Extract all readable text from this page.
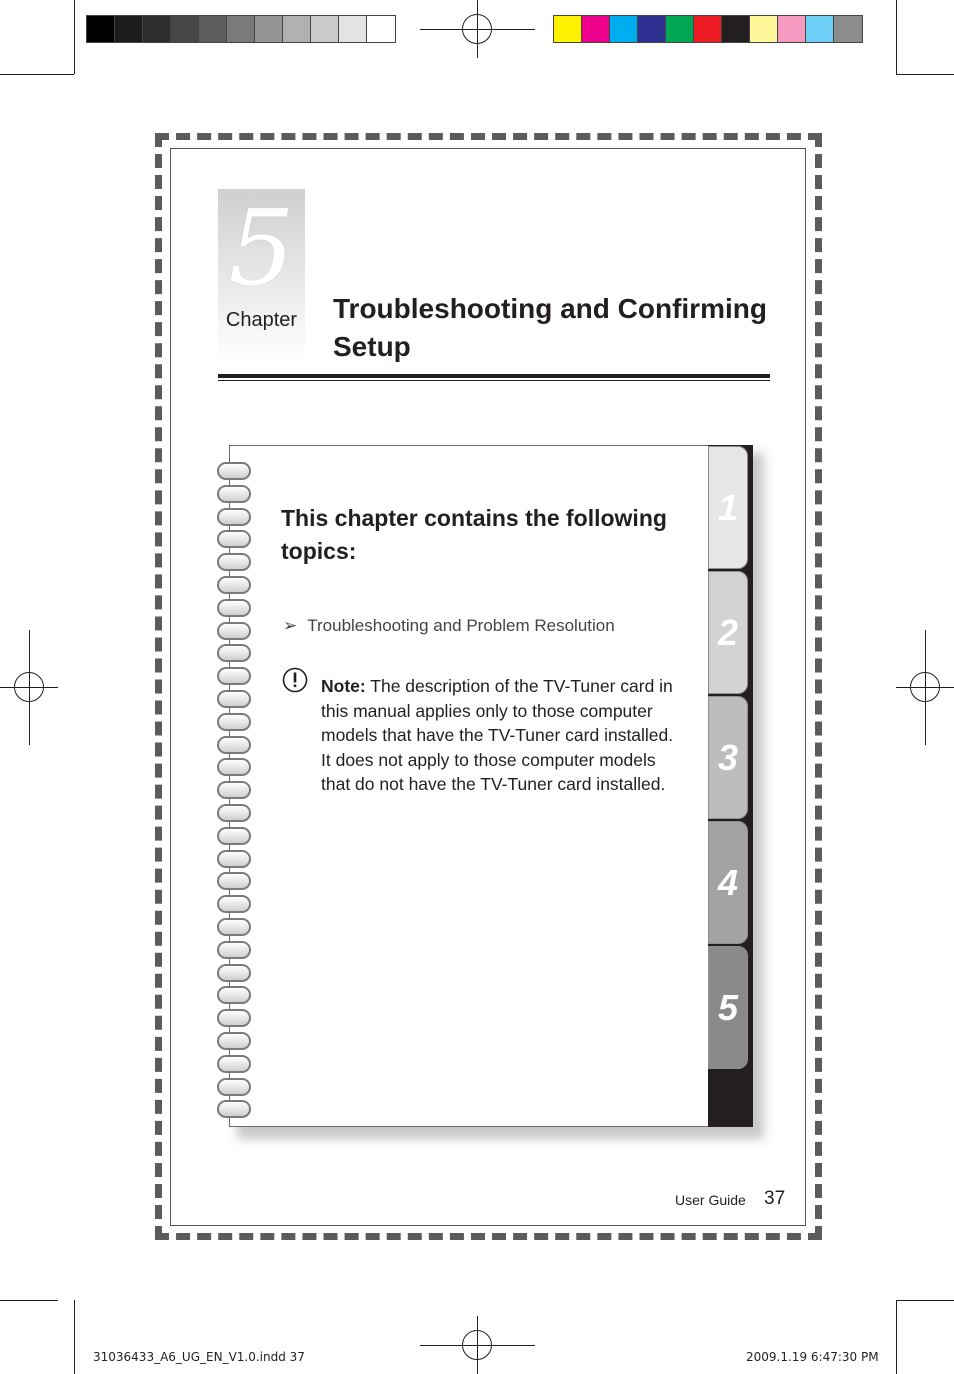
5
Chapter Troubleshooting and Confirming
Setup
1
2
3
4
5
This chapter contains the following
topics:
➢ Troubleshooting and Problem Resolution
Note: The description of the TV-Tuner card in this manual applies only to those computer models that have the TV-Tuner card installed. It does not apply to those computer models that do not have the TV-Tuner card installed.
User Guide 37
31036433_A6_UG_EN_V1.0.indd 37	2009.1.19 6:47:30 PM
